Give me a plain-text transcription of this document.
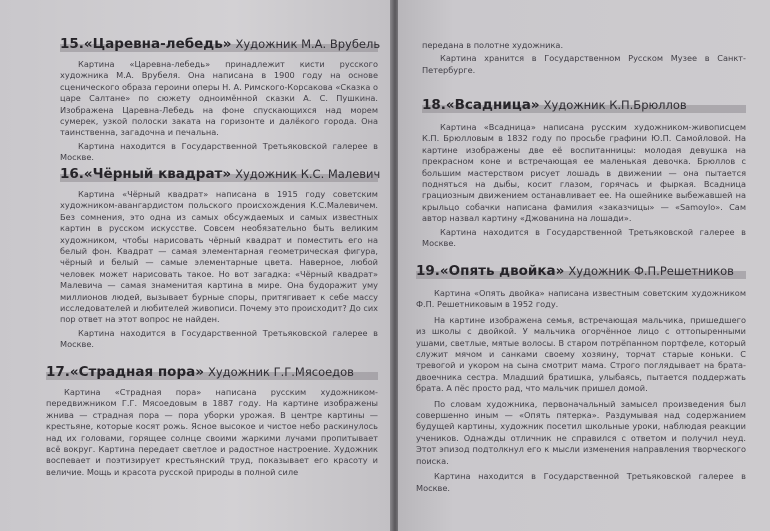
15.«Царевна-лебедь» Художник М.А. Врубель

Картина «Царевна-лебедь» принадлежит кисти русского художника М.А. Врубеля. Она написана в 1900 году на основе сценического образа героини оперы Н. А. Римского-Корсакова «Сказка о царе Салтане» по сюжету одноимённой сказки А. С. Пушкина. Изображена Царевна-Лебедь на фоне спускающихся над морем сумерек, узкой полоски заката на горизонте и далёкого города. Она таинственна, загадочна и печальна.

Картина находится в Государственной Третьяковской галерее в Москве.

16.«Чёрный квадрат» Художник К.С. Малевич

Картина «Чёрный квадрат» написана в 1915 году советским художником-авангардистом польского происхождения К.С.Малевичем. Без сомнения, это одна из самых обсуждаемых и самых известных картин в русском искусстве. Совсем необязательно быть великим художником, чтобы нарисовать чёрный квадрат и поместить его на белый фон. Квадрат — самая элементарная геометрическая фигура, чёрный и белый — самые элементарные цвета. Наверное, любой человек может нарисовать такое. Но вот загадка: «Чёрный квадрат» Малевича — самая знаменитая картина в мире. Она будоражит уму миллионов людей, вызывает бурные споры, притягивает к себе массу исследователей и любителей живописи. Почему это происходит? До сих пор ответ на этот вопрос не найден.

Картина находится в Государственной Третьяковской галерее в Москве.

17.«Страдная пора» Художник Г.Г.Мясоедов

Картина «Страдная пора» написана русским художником-передвижником Г.Г. Мясоедовым в 1887 году. На картине изображены жнива — страдная пора — пора уборки урожая. В центре картины — крестьяне, которые косят рожь. Ясное высокое и чистое небо раскинулось над их головами, горящее солнце своими жаркими лучами пропитывает всё вокруг. Картина передает светлое и радостное настроение. Художник воспевает и поэтизирует крестьянский труд, показывает его красоту и величие. Мощь и красота русской природы в полной силе

передана в полотне художника.

Картина хранится в Государственном Русском Музее в Санкт-Петербурге.

18.«Всадница» Художник К.П.Брюллов

Картина «Всадница» написана русским художником-живописцем К.П. Брюлловым в 1832 году по просьбе графини Ю.П. Самойловой. На картине изображены две её воспитанницы: молодая девушка на прекрасном коне и встречающая ее маленькая девочка. Брюллов с большим мастерством рисует лошадь в движении — она пытается подняться на дыбы, косит глазом, горячась и фыркая. Всадница грациозным движением останавливает ее. На ошейнике выбежавшей на крыльцо собачки написана фамилия «заказчицы» — «Samoylo». Сам автор назвал картину «Джованина на лошади».

Картина находится в Государственной Третьяковской галерее в Москве.

19.«Опять двойка» Художник Ф.П.Решетников

Картина «Опять двойка» написана известным советским художником Ф.П. Решетниковым в 1952 году.

На картине изображена семья, встречающая мальчика, пришедшего из школы с двойкой. У мальчика огорчённое лицо с оттопыренными ушами, светлые, мятые волосы. В старом потрёпанном портфеле, который служит мячом и санками своему хозяину, торчат старые коньки. С тревогой и укором на сына смотрит мама. Строго поглядывает на брата-двоечника сестра. Младший братишка, улыбаясь, пытается поддержать брата. А пёс просто рад, что мальчик пришел домой.

По словам художника, первоначальный замысел произведения был совершенно иным — «Опять пятерка». Раздумывая над содержанием будущей картины, художник посетил школьные уроки, наблюдая реакции учеников. Однажды отличник не справился с ответом и получил неуд. Этот эпизод подтолкнул его к мысли изменения направления творческого поиска.

Картина находится в Государственной Третьяковской галерее в Москве.
